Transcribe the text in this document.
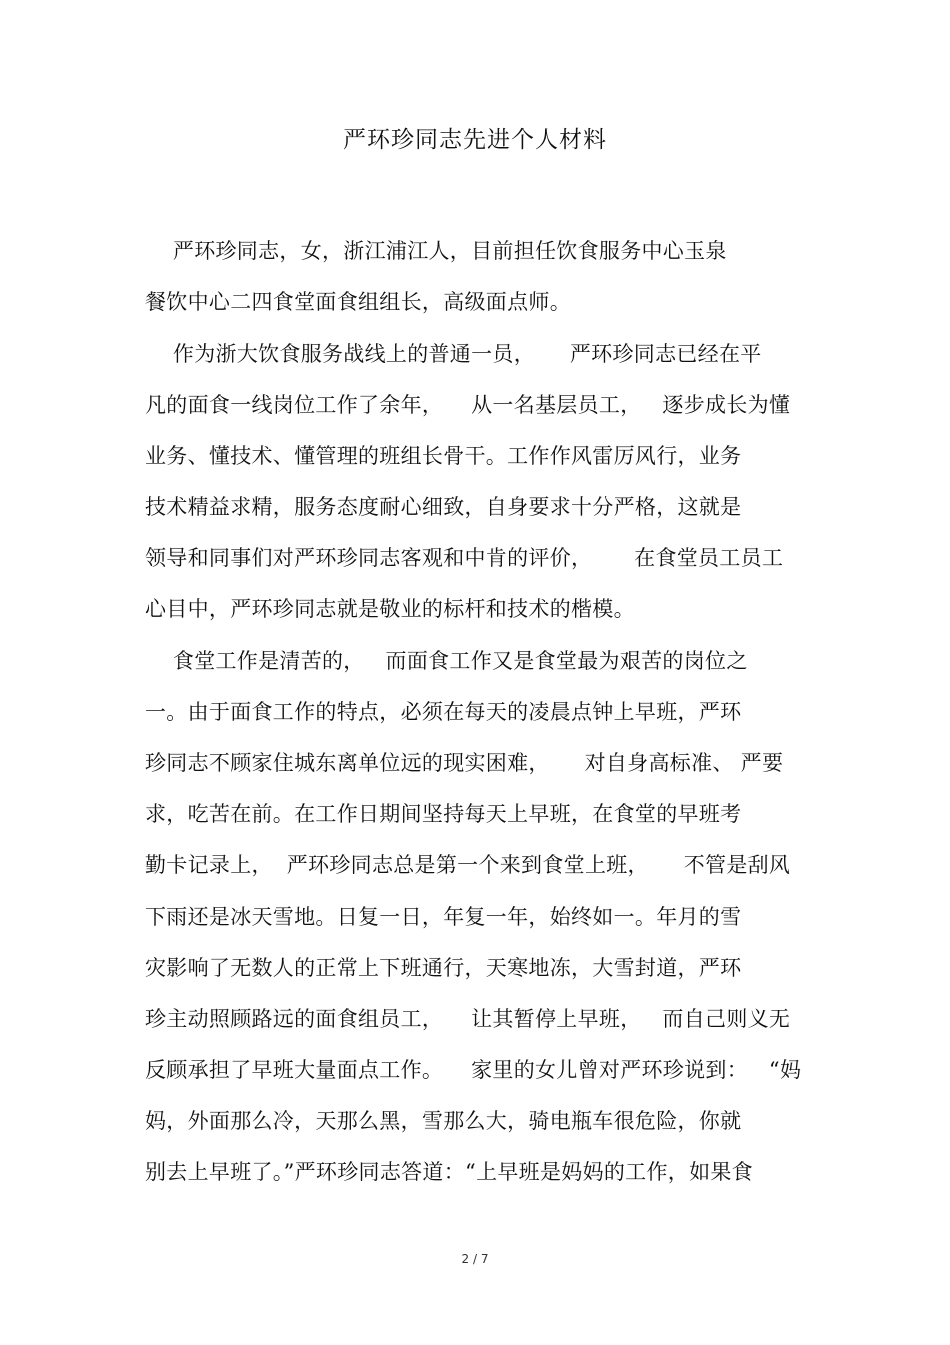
严环珍同志先进个人材料
严环珍同志，女，浙江浦江人，目前担任饮食服务中心玉泉
餐饮中心二四食堂面食组组长，高级面点师。
作为浙大饮食服务战线上的普通一员，     严环珍同志已经在平
凡的面食一线岗位工作了余年，    从一名基层员工，   逐步成长为懂
业务、懂技术、懂管理的班组长骨干。工作作风雷厉风行，业务
技术精益求精，服务态度耐心细致，自身要求十分严格，这就是
领导和同事们对严环珍同志客观和中肯的评价，      在食堂员工员工
心目中，严环珍同志就是敬业的标杆和技术的楷模。
食堂工作是清苦的，   而面食工作又是食堂最为艰苦的岗位之
一。由于面食工作的特点，必须在每天的凌晨点钟上早班，严环
珍同志不顾家住城东离单位远的现实困难，     对自身高标准、 严要
求，吃苦在前。在工作日期间坚持每天上早班，在食堂的早班考
勤卡记录上，  严环珍同志总是第一个来到食堂上班，     不管是刮风
下雨还是冰天雪地。日复一日，年复一年，始终如一。年月的雪
灾影响了无数人的正常上下班通行，天寒地冻，大雪封道，严环
珍主动照顾路远的面食组员工，    让其暂停上早班，   而自己则义无
反顾承担了早班大量面点工作。    家里的女儿曾对严环珍说到：   “妈
妈，外面那么冷，天那么黑，雪那么大，骑电瓶车很危险，你就
别去上早班了。”严环珍同志答道：“上早班是妈妈的工作，如果食
2 / 7
